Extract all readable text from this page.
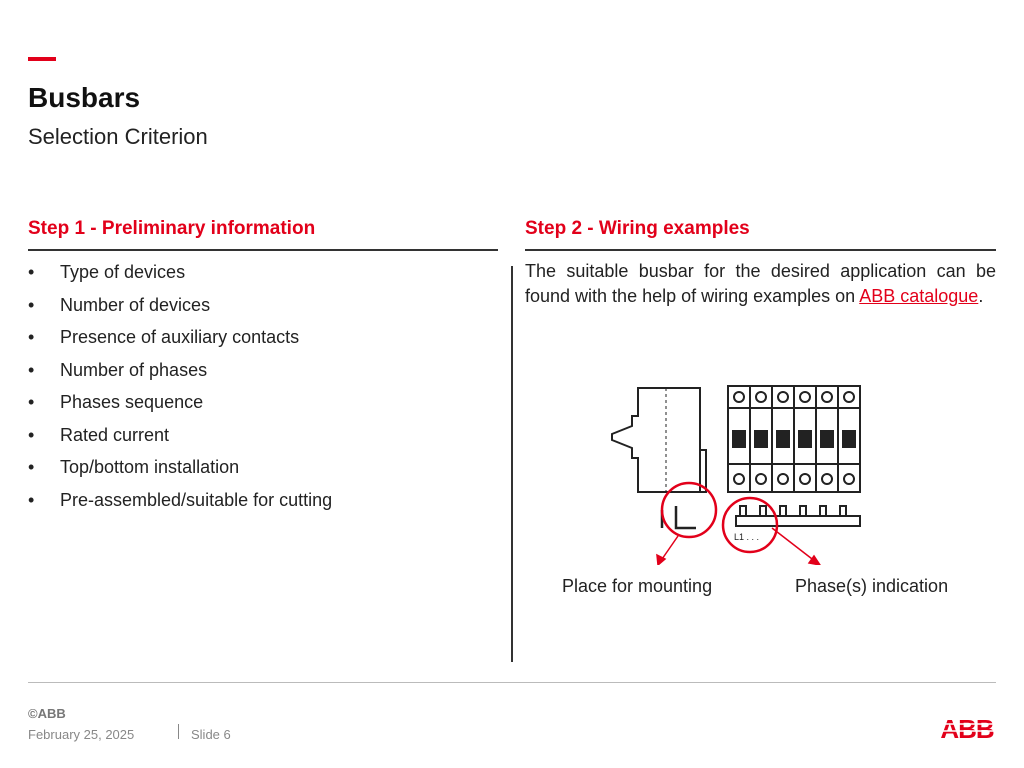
Busbars
Selection Criterion
Step 1 - Preliminary information
•	Type of devices
•	Number of devices
•	Presence of auxiliary contacts
•	Number of phases
•	Phases sequence
•	Rated current
•	Top/bottom installation
•	Pre-assembled/suitable for cutting
Step 2 - Wiring examples
The suitable busbar for the desired application can be found with the help of wiring examples on ABB catalogue.
L1 . . .
Place for mounting	Phase(s) indication
©ABB
February 25, 2025	Slide 6	ABB
